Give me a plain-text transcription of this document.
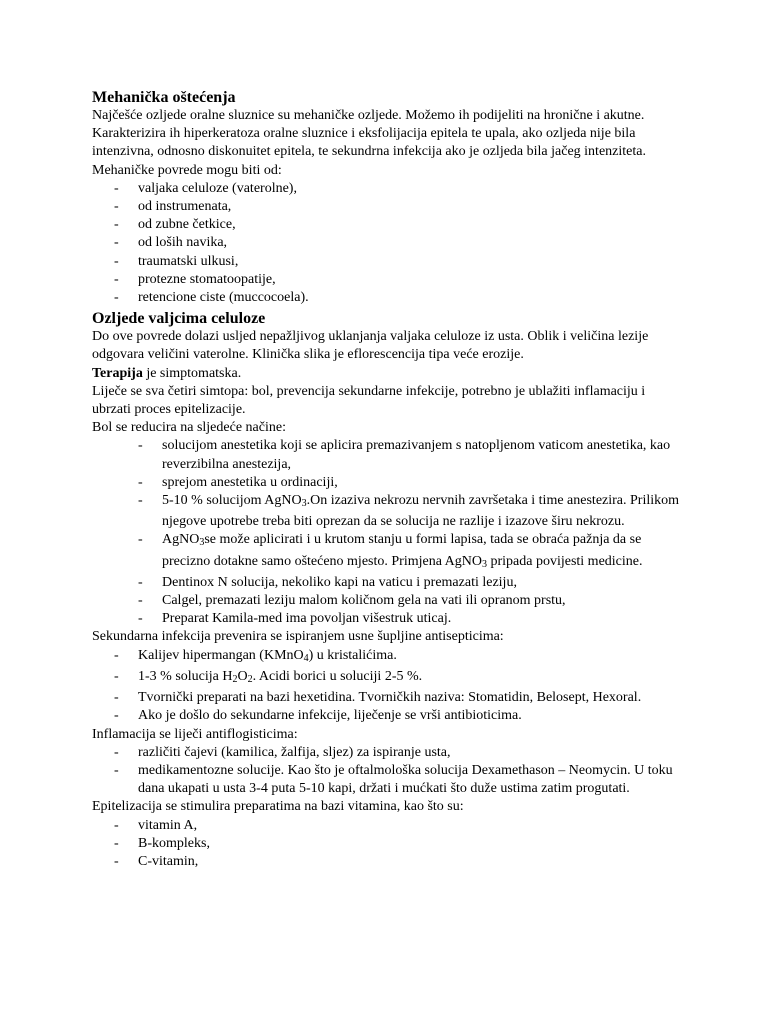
Mehanička oštećenja

Najčešće ozljede oralne sluznice su mehaničke ozljede. Možemo ih podijeliti na hronične i akutne. Karakterizira ih hiperkeratoza oralne sluznice i eksfolijacija epitela te upala, ako ozljeda nije bila intenzivna, odnosno diskonuitet epitela, te sekundrna infekcija ako je ozljeda bila jačeg intenziteta.

Mehaničke povrede mogu biti od:

- valjaka celuloze (vaterolne),
- od instrumenata,
- od zubne četkice,
- od loših navika,
- traumatski ulkusi,
- protezne stomatoopatije,
- retencione ciste (muccocoela).
Ozljede valjcima celuloze

Do ove povrede dolazi usljed nepažljivog uklanjanja valjaka celuloze iz usta. Oblik i veličina lezije odgovara veličini vaterolne. Klinička slika je eflorescencija tipa veće erozije.

Terapija je simptomatska.

Liječe se sva četiri simtopa: bol, prevencija sekundarne infekcije, potrebno je ublažiti inflamaciju i ubrzati proces epitelizacije.

Bol se reducira na sljedeće načine:

- solucijom anestetika koji se aplicira premazivanjem s natopljenom vaticom anestetika, kao reverzibilna anestezija,
- sprejom anestetika u ordinaciji,
- 5-10 % solucijom AgNO$_3$.On izaziva nekrozu nervnih završetaka i time anestezira. Prilikom njegove upotrebe treba biti oprezan da se solucija ne razlije i izazove širu nekrozu.
- AgNO$_3$se može aplicirati i u krutom stanju u formi lapisa, tada se obraća pažnja da se precizno dotakne samo oštećeno mjesto. Primjena AgNO$_3$ pripada povijesti medicine.
- Dentinox N solucija, nekoliko kapi na vaticu i premazati leziju,
- Calgel, premazati leziju malom količnom gela na vati ili opranom prstu,
- Preparat Kamila-med ima povoljan višestruk uticaj.

Sekundarna infekcija prevenira se ispiranjem usne šupljine antisepticima:

- Kalijev hipermangan (KMnO$_4$) u kristalićima.
- 1-3 % solucija $H_2O_2$. Acidi borici u soluciji 2-5 %.
- Tvornički preparati na bazi hexetidina. Tvorničkih naziva: Stomatidin, Belosept, Hexoral.
- Ako je došlo do sekundarne infekcije, liječenje se vrši antibioticima.

Inflamacija se liječi antiflogisticima:

- različiti čajevi (kamilica, žalfija, sljez) za ispiranje usta,
- medikamentozne solucije. Kao što je oftalmološka solucija Dexamethason – Neomycin. U toku dana ukapati u usta 3-4 puta 5-10 kapi, držati i mućkati što duže ustima zatim progutati.

Epitelizacija se stimulira preparatima na bazi vitamina, kao što su:

- vitamin A,
- B-kompleks,
- C-vitamin,
